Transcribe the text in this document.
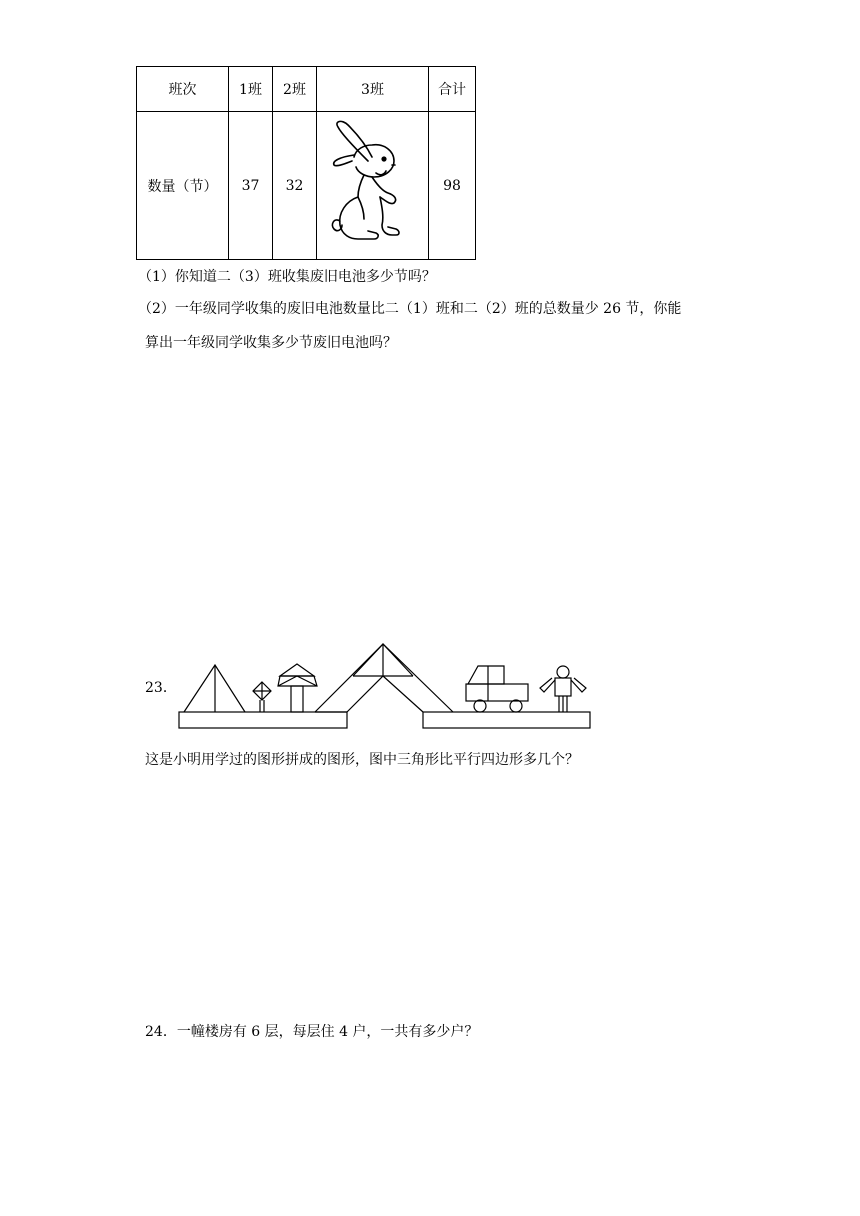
班次	1班	2班	3班	合计
数量（节）	37	32		98
（1）你知道二（3）班收集废旧电池多少节吗？
（2）一年级同学收集的废旧电池数量比二（1）班和二（2）班的总数量少 26 节，你能
算出一年级同学收集多少节废旧电池吗？
23．
这是小明用学过的图形拼成的图形，图中三角形比平行四边形多几个？
24．一幢楼房有 6 层，每层住 4 户，一共有多少户？
